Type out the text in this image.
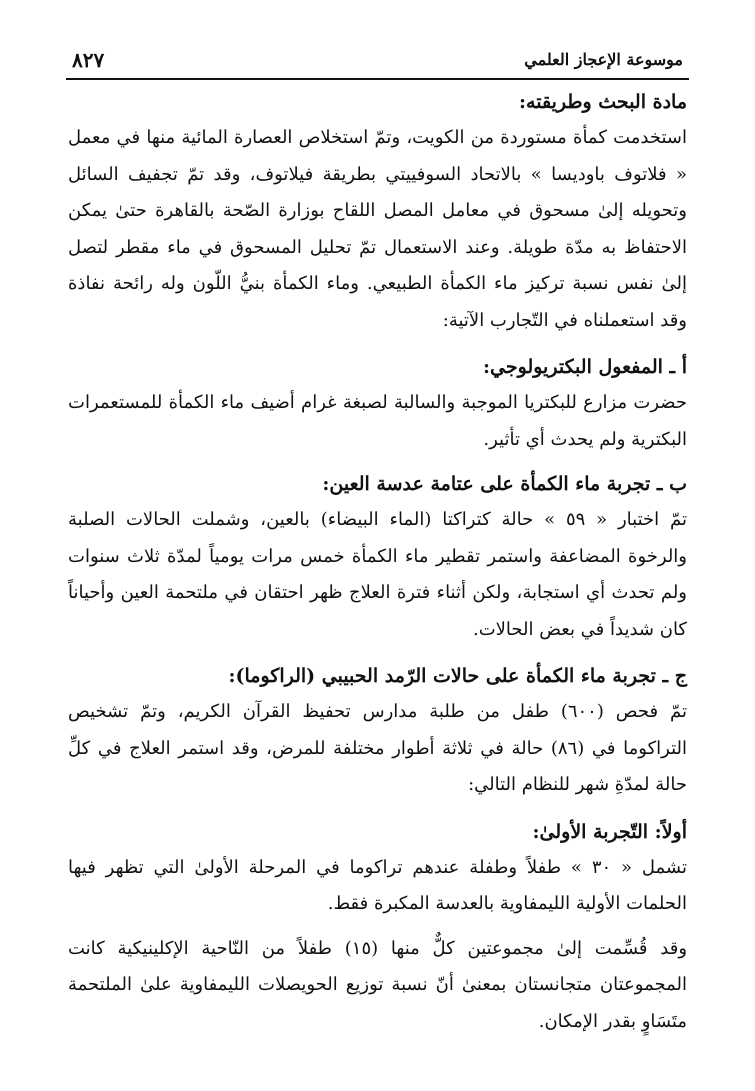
٨٢٧	موسوعة الإعجاز العلمي
مادة البحث وطريقته:

استخدمت كمأة مستوردة من الكويت، وتمّ استخلاص العصارة المائية منها في معمل « فلاتوف باوديسا » بالاتحاد السوفييتي بطريقة فيلاتوف، وقد تمّ تجفيف السائل وتحويله إلىٰ مسحوق في معامل المصل اللقاح بوزارة الصّحة بالقاهرة حتىٰ يمكن الاحتفاظ به مدّة طويلة. وعند الاستعمال تمّ تحليل المسحوق في ماء مقطر لتصل إلىٰ نفس نسبة تركيز ماء الكمأة الطبيعي. وماء الكمأة بنيُّ اللّون وله رائحة نفاذة وقد استعملناه في التّجارب الآتية:

أ ـ المفعول البكتريولوجي:

حضرت مزارع للبكتريا الموجبة والسالبة لصبغة غرام أضيف ماء الكمأة للمستعمرات البكترية ولم يحدث أي تأثير.

ب ـ تجربة ماء الكمأة على عتامة عدسة العين:

تمّ اختبار « ٥٩ » حالة كتراكتا (الماء البيضاء) بالعين، وشملت الحالات الصلبة والرخوة المضاعفة واستمر تقطير ماء الكمأة خمس مرات يومياً لمدّة ثلاث سنوات ولم تحدث أي استجابة، ولكن أثناء فترة العلاج ظهر احتقان في ملتحمة العين وأحياناً كان شديداً في بعض الحالات.

ج ـ تجربة ماء الكمأة على حالات الرّمد الحبيبي (الراكوما):

تمّ فحص (٦٠٠) طفل من طلبة مدارس تحفيظ القرآن الكريم، وتمّ تشخيص التراكوما في (٨٦) حالة في ثلاثة أطوار مختلفة للمرض، وقد استمر العلاج في كلِّ حالة لمدّةِ شهر للنظام التالي:

أولاً: التّجربة الأولىٰ:

تشمل « ٣٠ » طفلاً وطفلة عندهم تراكوما في المرحلة الأولىٰ التي تظهر فيها الحلمات الأولية الليمفاوية بالعدسة المكبرة فقط.

وقد قُسِّمت إلىٰ مجموعتين كلٌّ منها (١٥) طفلاً من النّاحية الإكلينيكية كانت المجموعتان متجانستان بمعنىٰ أنّ نسبة توزيع الحويصلات الليمفاوية علىٰ الملتحمة متَسَاوٍ بقدر الإمكان.
